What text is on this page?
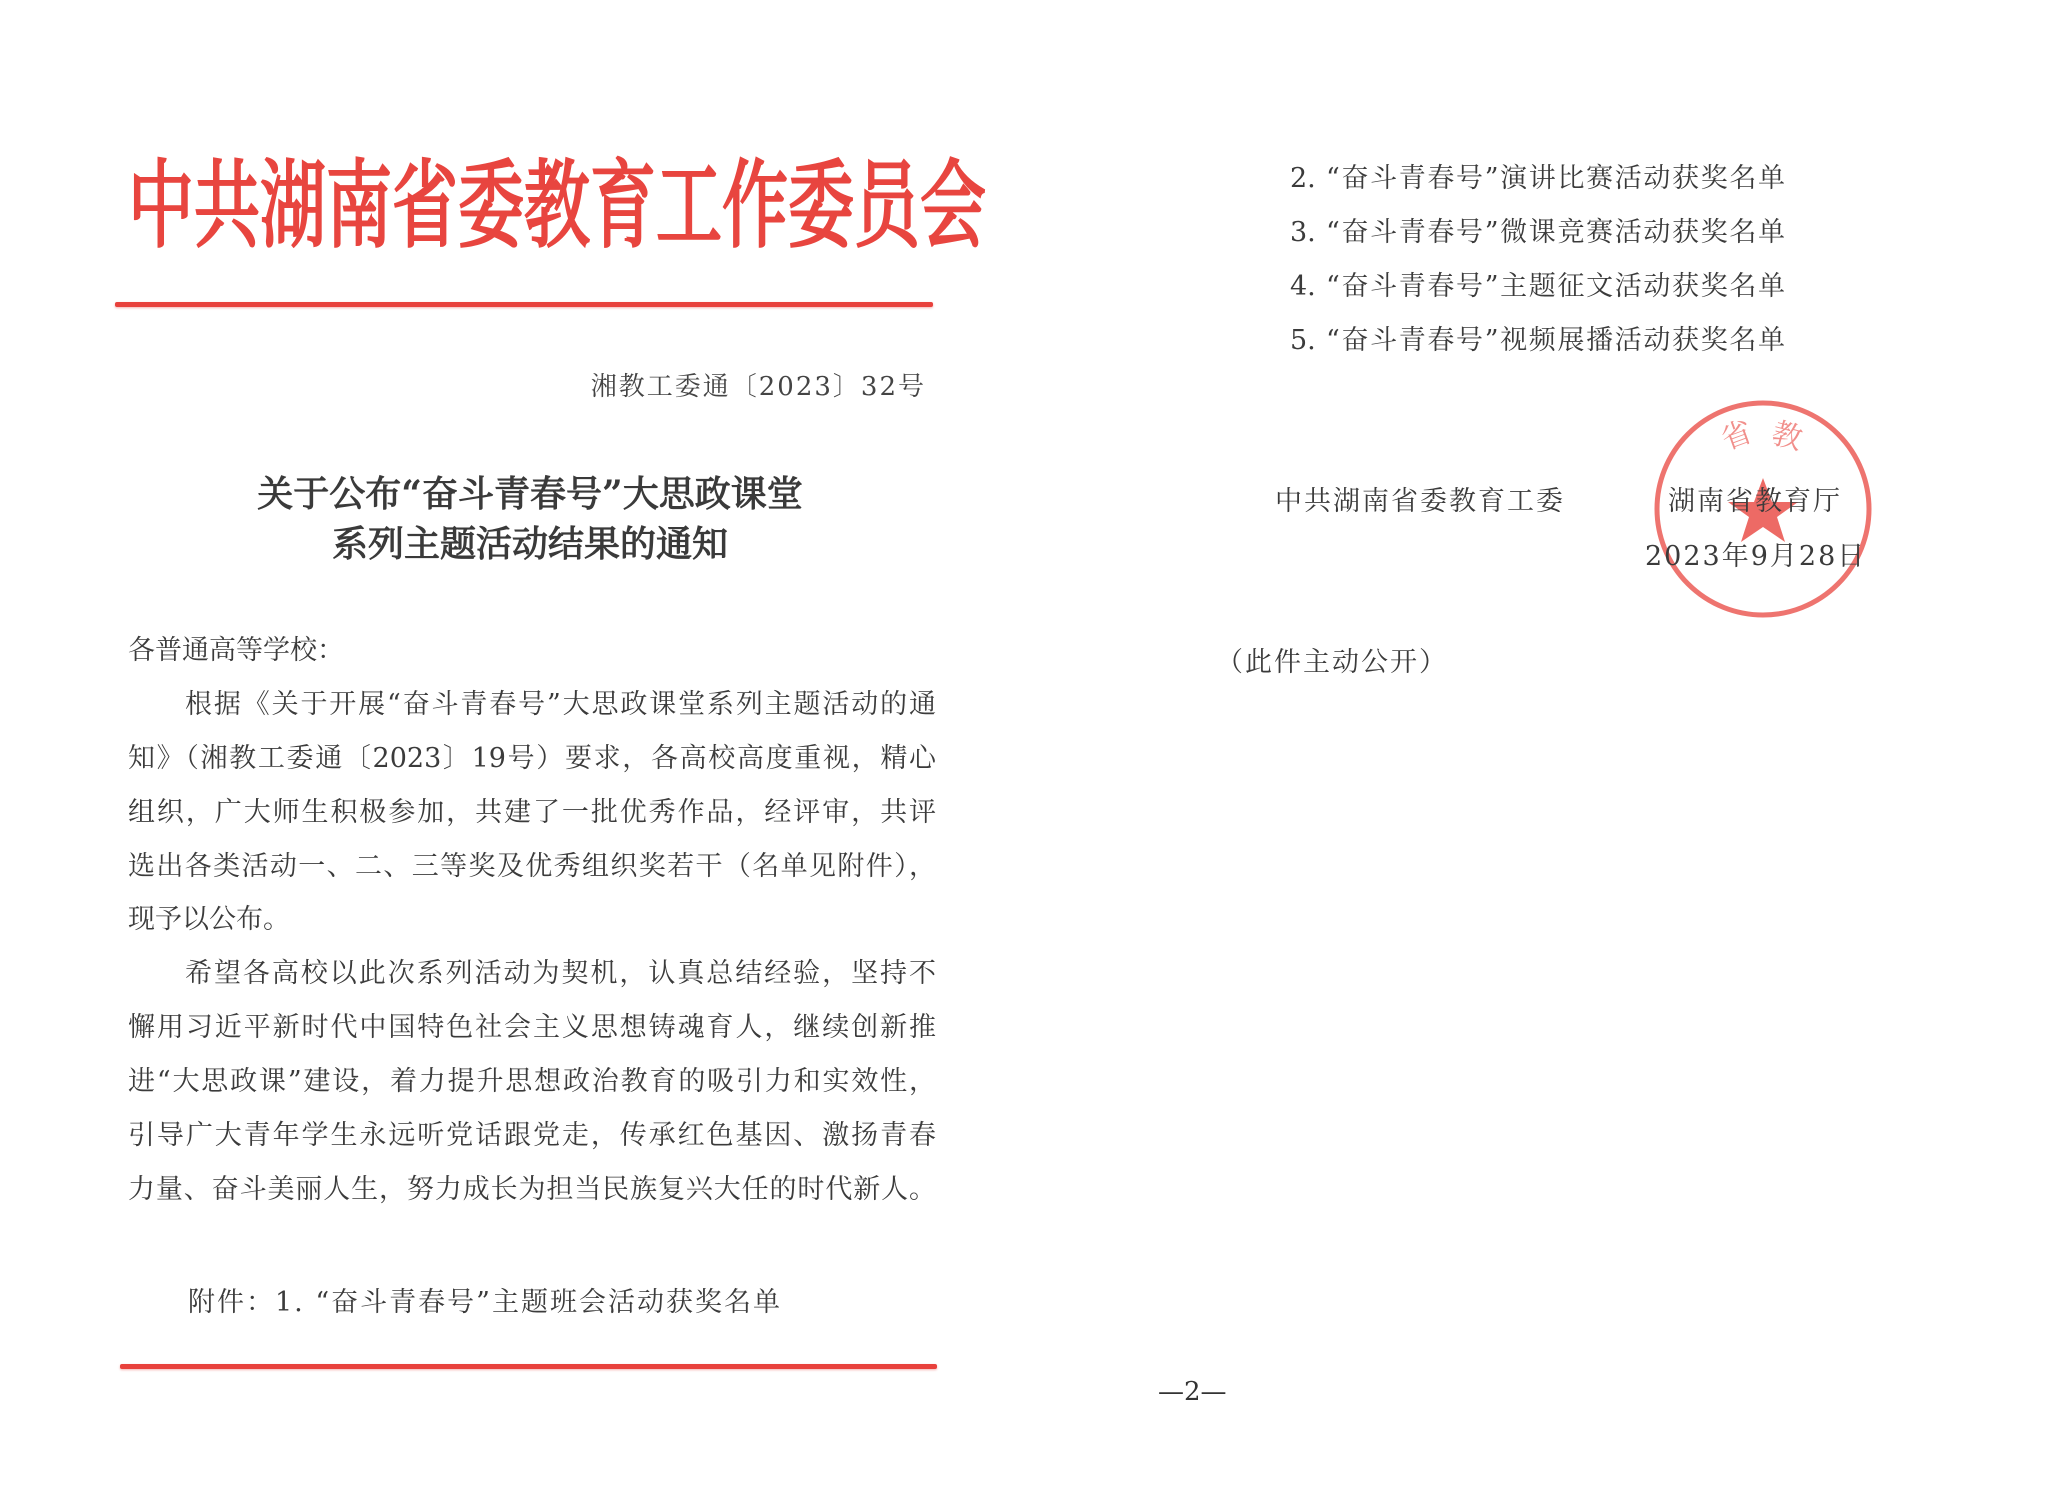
中共湖南省委教育工作委员会
湘教工委通〔2023〕32号
关于公布“奋斗青春号”大思政课堂
系列主题活动结果的通知
各普通高等学校：
根据《关于开展“奋斗青春号”大思政课堂系列主题活动的通
知》（湘教工委通〔2023〕19号）要求，各高校高度重视，精心
组织，广大师生积极参加，共建了一批优秀作品，经评审，共评
选出各类活动一、二、三等奖及优秀组织奖若干（名单见附件），
现予以公布。
希望各高校以此次系列活动为契机，认真总结经验，坚持不
懈用习近平新时代中国特色社会主义思想铸魂育人，继续创新推
进“大思政课”建设，着力提升思想政治教育的吸引力和实效性，
引导广大青年学生永远听党话跟党走，传承红色基因、激扬青春
力量、奋斗美丽人生，努力成长为担当民族复兴大任的时代新人。
附件：1. “奋斗青春号”主题班会活动获奖名单
2. “奋斗青春号”演讲比赛活动获奖名单
3. “奋斗青春号”微课竞赛活动获奖名单
4. “奋斗青春号”主题征文活动获奖名单
5. “奋斗青春号”视频展播活动获奖名单
省 教
中共湖南省委教育工委	湖南省教育厅
2023年9月28日
（此件主动公开）
—2—
